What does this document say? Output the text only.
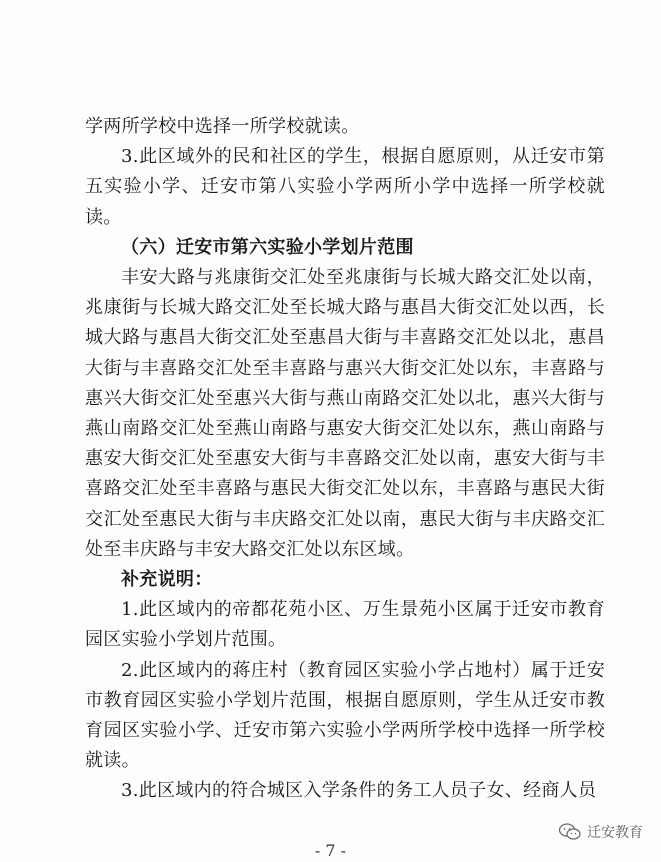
学两所学校中选择一所学校就读。

3.此区域外的民和社区的学生，根据自愿原则，从迁安市第五实验小学、迁安市第八实验小学两所小学中选择一所学校就读。

（六）迁安市第六实验小学划片范围

丰安大路与兆康街交汇处至兆康街与长城大路交汇处以南，兆康街与长城大路交汇处至长城大路与惠昌大街交汇处以西，长城大路与惠昌大街交汇处至惠昌大街与丰喜路交汇处以北，惠昌大街与丰喜路交汇处至丰喜路与惠兴大街交汇处以东，丰喜路与惠兴大街交汇处至惠兴大街与燕山南路交汇处以北，惠兴大街与燕山南路交汇处至燕山南路与惠安大街交汇处以东，燕山南路与惠安大街交汇处至惠安大街与丰喜路交汇处以南，惠安大街与丰喜路交汇处至丰喜路与惠民大街交汇处以东，丰喜路与惠民大街交汇处至惠民大街与丰庆路交汇处以南，惠民大街与丰庆路交汇处至丰庆路与丰安大路交汇处以东区域。

补充说明：

1.此区域内的帝都花苑小区、万生景苑小区属于迁安市教育园区实验小学划片范围。

2.此区域内的蒋庄村（教育园区实验小学占地村）属于迁安市教育园区实验小学划片范围，根据自愿原则，学生从迁安市教育园区实验小学、迁安市第六实验小学两所学校中选择一所学校就读。

3.此区域内的符合城区入学条件的务工人员子女、经商人员

迁安教育
- 7 -
